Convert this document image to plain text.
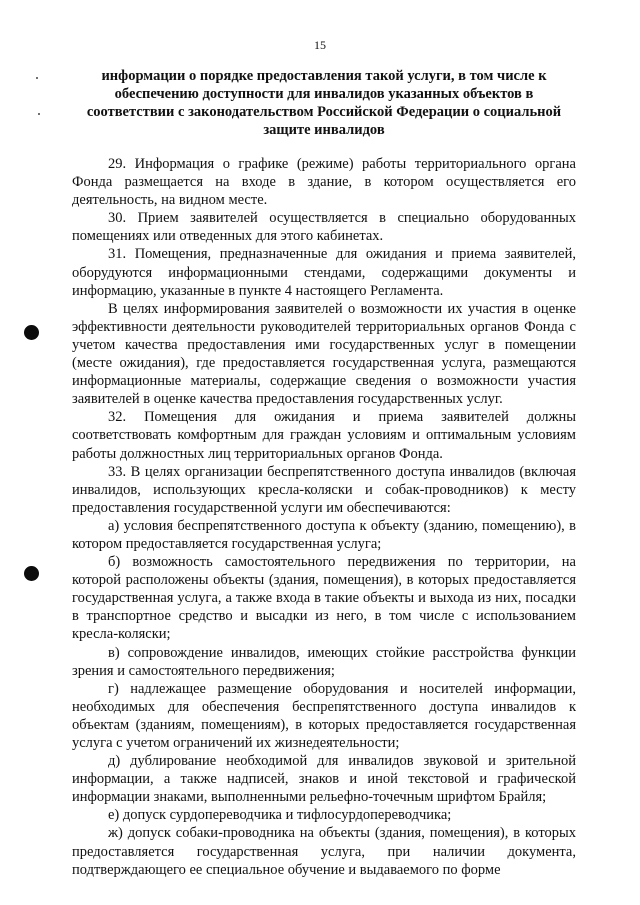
15
информации о порядке предоставления такой услуги, в том числе к обеспечению доступности для инвалидов указанных объектов в соответствии с законодательством Российской Федерации о социальной защите инвалидов

29. Информация о графике (режиме) работы территориального органа Фонда размещается на входе в здание, в котором осуществляется его деятельность, на видном месте.

30. Прием заявителей осуществляется в специально оборудованных помещениях или отведенных для этого кабинетах.

31. Помещения, предназначенные для ожидания и приема заявителей, оборудуются информационными стендами, содержащими документы и информацию, указанные в пункте 4 настоящего Регламента.

В целях информирования заявителей о возможности их участия в оценке эффективности деятельности руководителей территориальных органов Фонда с учетом качества предоставления ими государственных услуг в помещении (месте ожидания), где предоставляется государственная услуга, размещаются информационные материалы, содержащие сведения о возможности участия заявителей в оценке качества предоставления государственных услуг.

32. Помещения для ожидания и приема заявителей должны соответствовать комфортным для граждан условиям и оптимальным условиям работы должностных лиц территориальных органов Фонда.

33. В целях организации беспрепятственного доступа инвалидов (включая инвалидов, использующих кресла-коляски и собак-проводников) к месту предоставления государственной услуги им обеспечиваются:

а) условия беспрепятственного доступа к объекту (зданию, помещению), в котором предоставляется государственная услуга;

б) возможность самостоятельного передвижения по территории, на которой расположены объекты (здания, помещения), в которых предоставляется государственная услуга, а также входа в такие объекты и выхода из них, посадки в транспортное средство и высадки из него, в том числе с использованием кресла-коляски;

в) сопровождение инвалидов, имеющих стойкие расстройства функции зрения и самостоятельного передвижения;

г) надлежащее размещение оборудования и носителей информации, необходимых для обеспечения беспрепятственного доступа инвалидов к объектам (зданиям, помещениям), в которых предоставляется государственная услуга с учетом ограничений их жизнедеятельности;

д) дублирование необходимой для инвалидов звуковой и зрительной информации, а также надписей, знаков и иной текстовой и графической информации знаками, выполненными рельефно-точечным шрифтом Брайля;

е) допуск сурдопереводчика и тифлосурдопереводчика;

ж) допуск собаки-проводника на объекты (здания, помещения), в которых предоставляется государственная услуга, при наличии документа, подтверждающего ее специальное обучение и выдаваемого по форме
